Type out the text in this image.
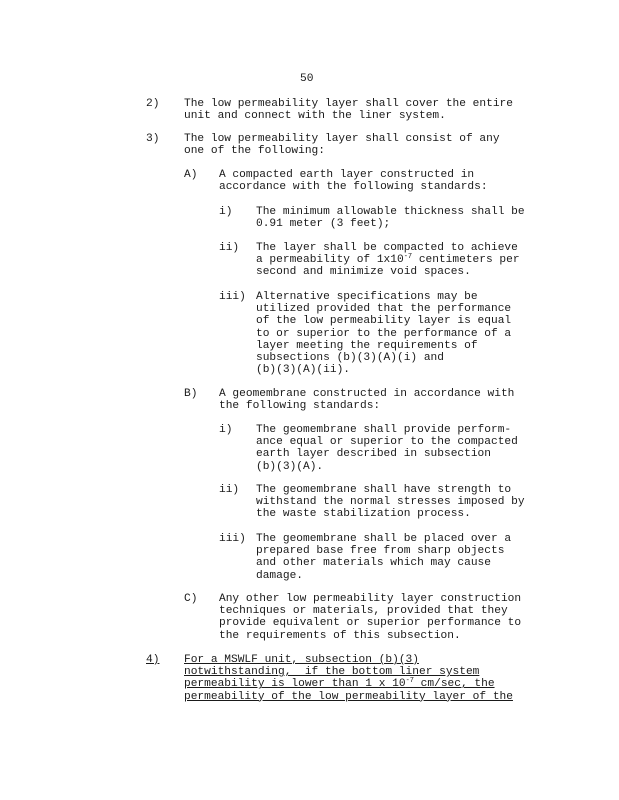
50
2) The low permeability layer shall cover the entire
unit and connect with the liner system.
3) The low permeability layer shall consist of any
one of the following:
A) A compacted earth layer constructed in
accordance with the following standards:
i) The minimum allowable thickness shall be
0.91 meter (3 feet);
ii) The layer shall be compacted to achieve
a permeability of $1x10^{-7}$ centimeters per
second and minimize void spaces.
iii) Alternative specifications may be
utilized provided that the performance
of the low permeability layer is equal
to or superior to the performance of a
layer meeting the requirements of
subsections (b)(3)(A)(i) and
(b)(3)(A)(ii).
B) A geomembrane constructed in accordance with
the following standards:
i) The geomembrane shall provide perform-
ance equal or superior to the compacted
earth layer described in subsection
(b)(3)(A).
ii) The geomembrane shall have strength to
withstand the normal stresses imposed by
the waste stabilization process.
iii) The geomembrane shall be placed over a
prepared base free from sharp objects
and other materials which may cause
damage.
C) Any other low permeability layer construction
techniques or materials, provided that they
provide equivalent or superior performance to
the requirements of this subsection.
4) For a MSWLF unit, subsection (b)(3)
notwithstanding,  if the bottom liner system
permeability is lower than 1 x $10^{-7}$ cm/sec, the
permeability of the low permeability layer of the
